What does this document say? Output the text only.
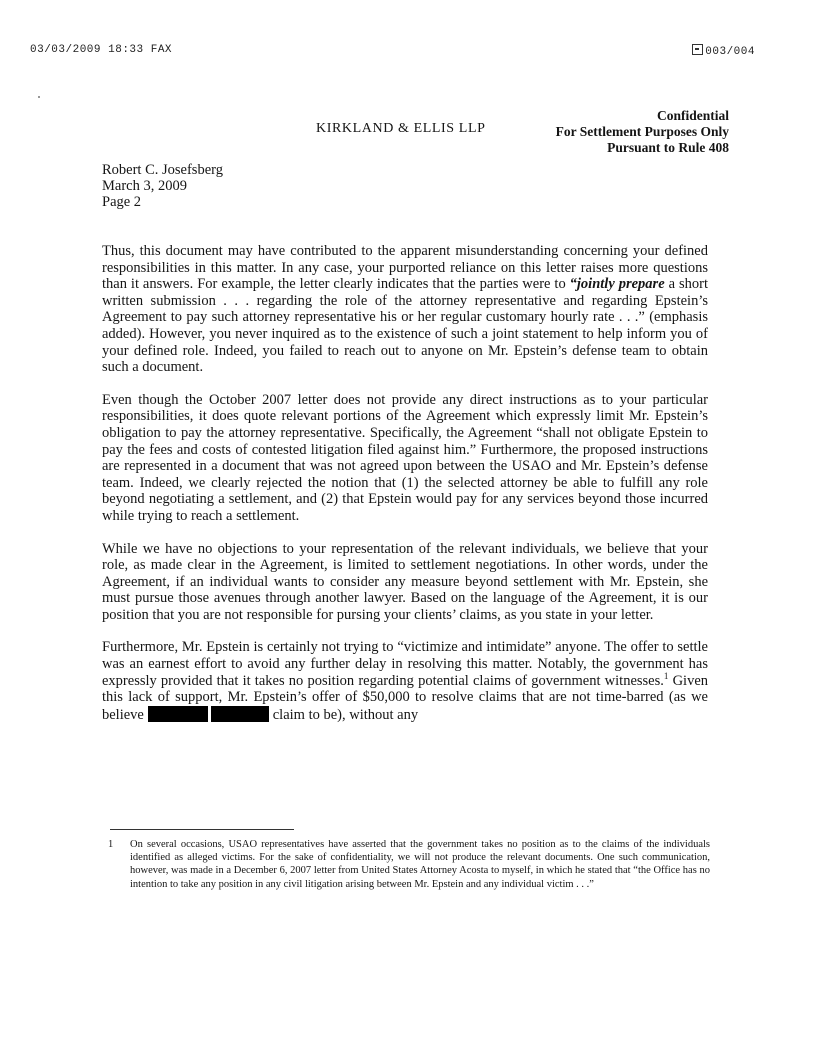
03/03/2009 18:33 FAX	003/004
KIRKLAND & ELLIS LLP
Confidential
For Settlement Purposes Only
Pursuant to Rule 408
Robert C. Josefsberg
March 3, 2009
Page 2

Thus, this document may have contributed to the apparent misunderstanding concerning your defined responsibilities in this matter. In any case, your purported reliance on this letter raises more questions than it answers. For example, the letter clearly indicates that the parties were to “jointly prepare a short written submission . . . regarding the role of the attorney representative and regarding Epstein’s Agreement to pay such attorney representative his or her regular customary hourly rate . . .” (emphasis added). However, you never inquired as to the existence of such a joint statement to help inform you of your defined role. Indeed, you failed to reach out to anyone on Mr. Epstein’s defense team to obtain such a document.

Even though the October 2007 letter does not provide any direct instructions as to your particular responsibilities, it does quote relevant portions of the Agreement which expressly limit Mr. Epstein’s obligation to pay the attorney representative. Specifically, the Agreement “shall not obligate Epstein to pay the fees and costs of contested litigation filed against him.” Furthermore, the proposed instructions are represented in a document that was not agreed upon between the USAO and Mr. Epstein’s defense team. Indeed, we clearly rejected the notion that (1) the selected attorney be able to fulfill any role beyond negotiating a settlement, and (2) that Epstein would pay for any services beyond those incurred while trying to reach a settlement.

While we have no objections to your representation of the relevant individuals, we believe that your role, as made clear in the Agreement, is limited to settlement negotiations. In other words, under the Agreement, if an individual wants to consider any measure beyond settlement with Mr. Epstein, she must pursue those avenues through another lawyer. Based on the language of the Agreement, it is our position that you are not responsible for pursing your clients’ claims, as you state in your letter.

Furthermore, Mr. Epstein is certainly not trying to “victimize and intimidate” anyone. The offer to settle was an earnest effort to avoid any further delay in resolving this matter. Notably, the government has expressly provided that it takes no position regarding potential claims of government witnesses.$^1$ Given this lack of support, Mr. Epstein’s offer of $50,000 to resolve claims that are not time-barred (as we believe	claim to be), without any

1 On several occasions, USAO representatives have asserted that the government takes no position as to the claims of the individuals identified as alleged victims. For the sake of confidentiality, we will not produce the relevant documents. One such communication, however, was made in a December 6, 2007 letter from United States Attorney Acosta to myself, in which he stated that “the Office has no intention to take any position in any civil litigation arising between Mr. Epstein and any individual victim . . .”
